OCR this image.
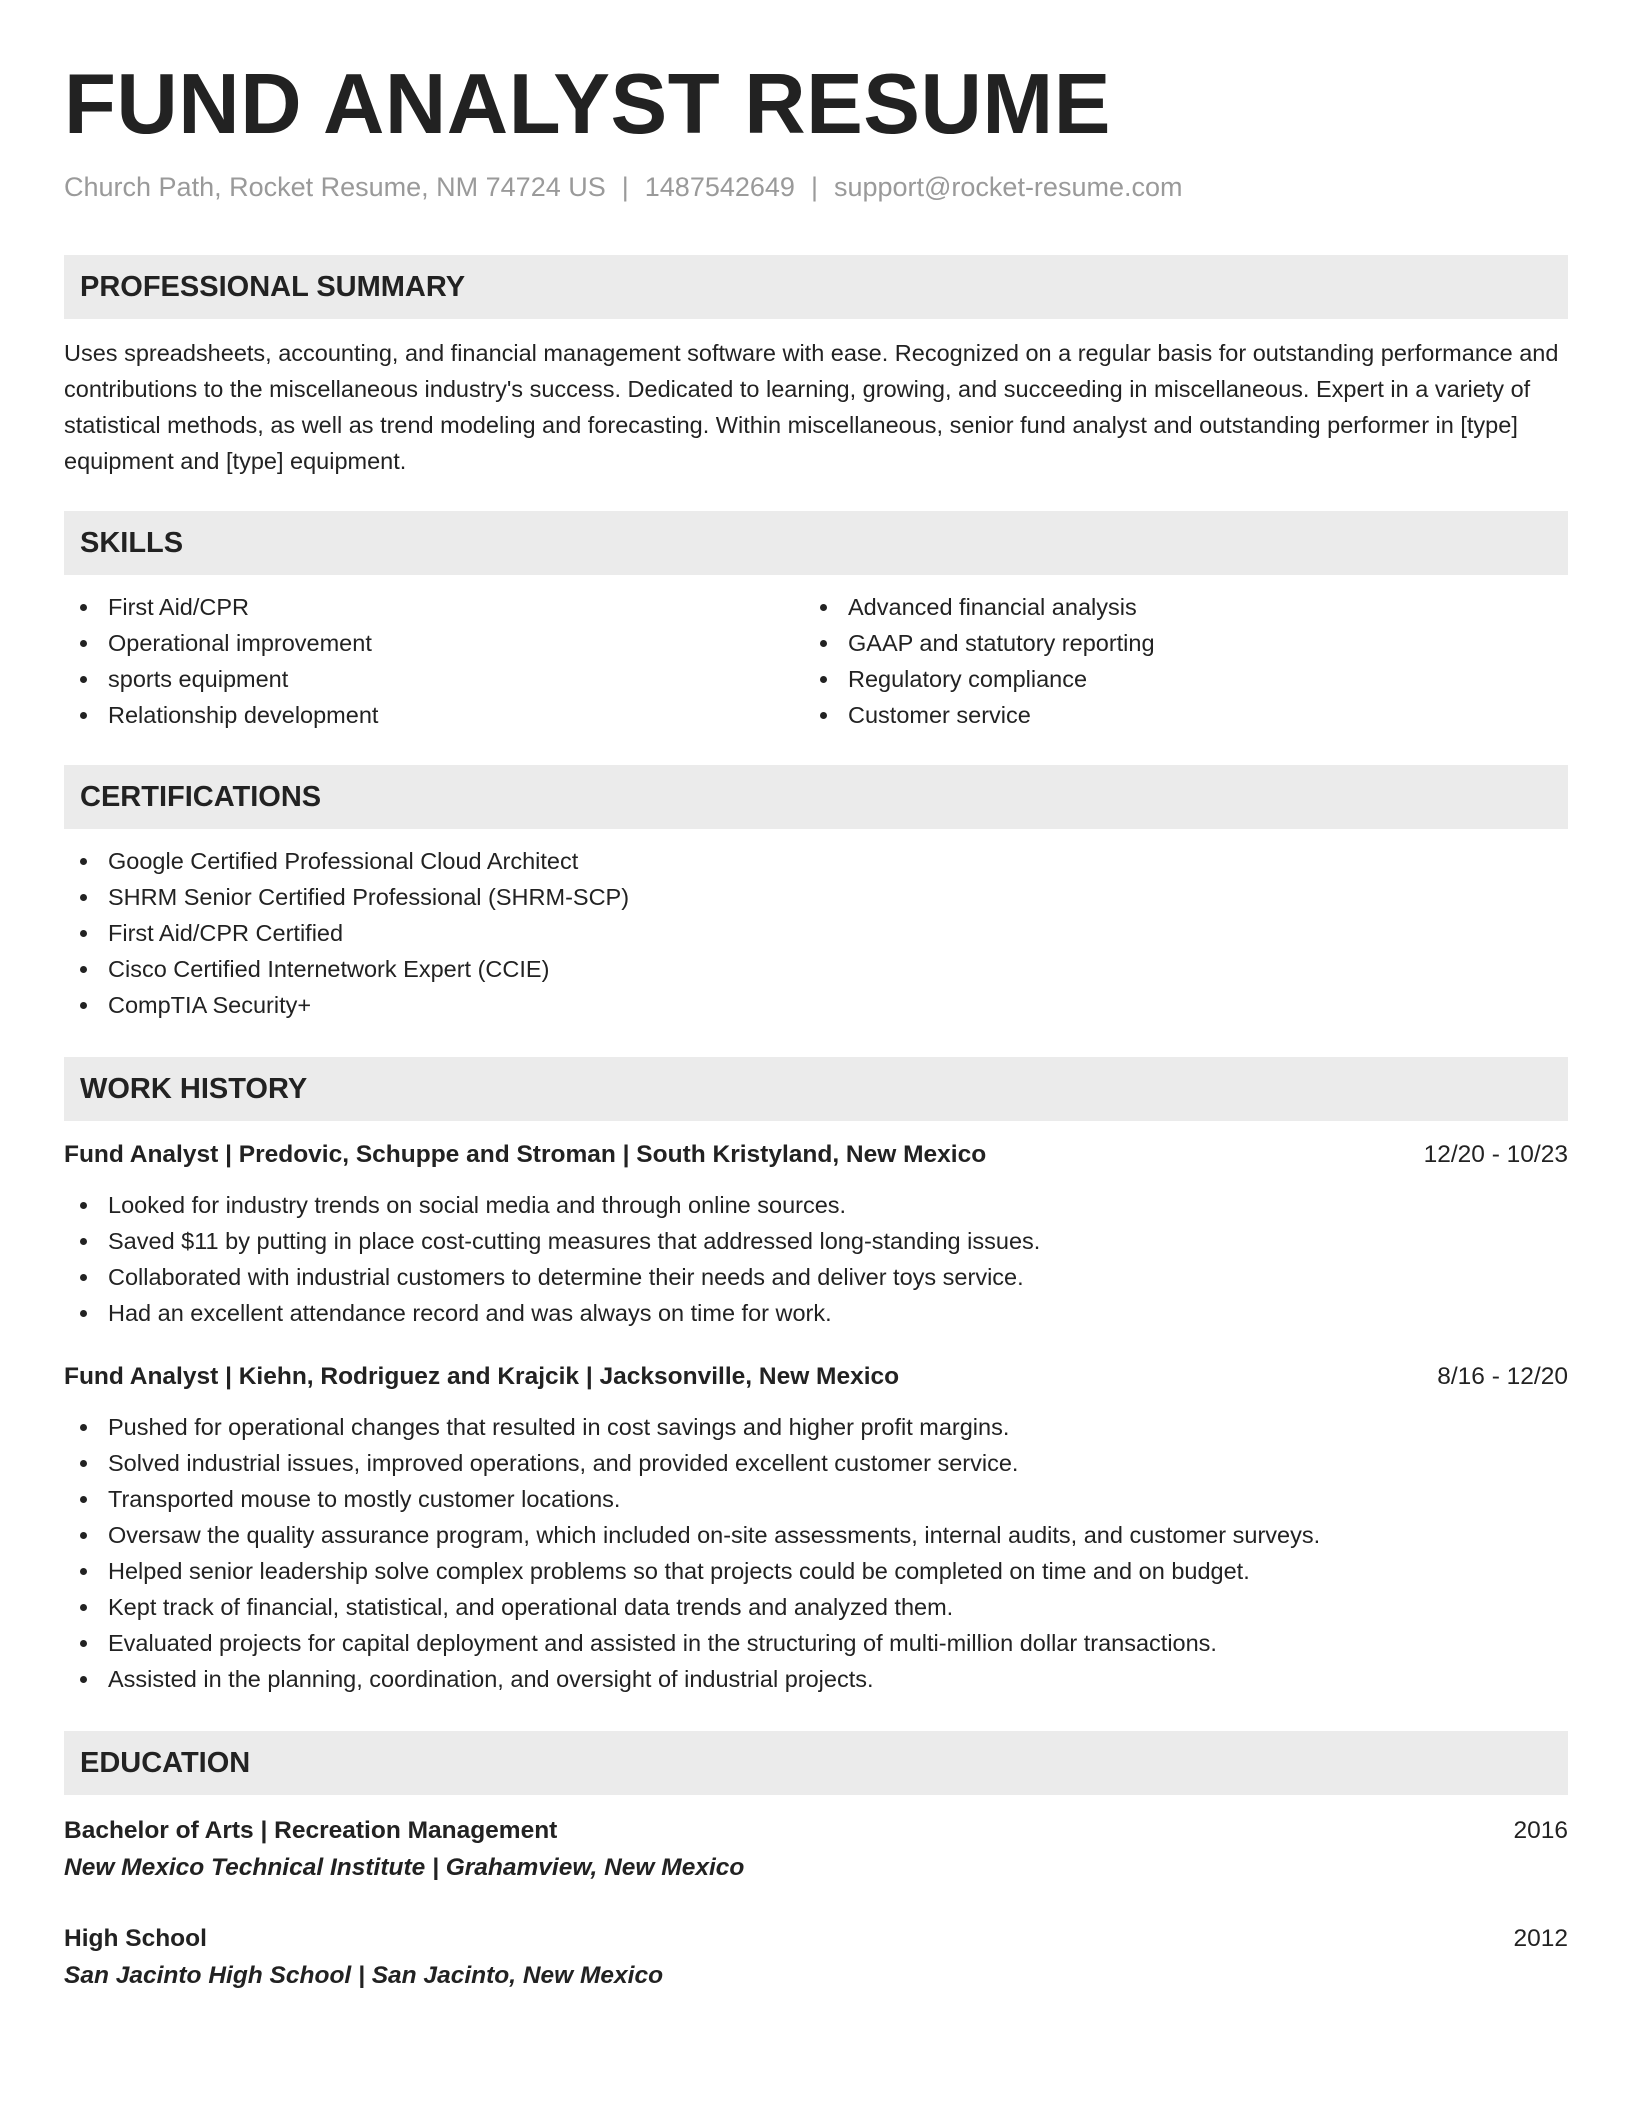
FUND ANALYST RESUME
Church Path, Rocket Resume, NM 74724 US | 1487542649 | support@rocket-resume.com
PROFESSIONAL SUMMARY

Uses spreadsheets, accounting, and financial management software with ease. Recognized on a regular basis for outstanding performance and contributions to the miscellaneous industry's success. Dedicated to learning, growing, and succeeding in miscellaneous. Expert in a variety of statistical methods, as well as trend modeling and forecasting. Within miscellaneous, senior fund analyst and outstanding performer in [type] equipment and [type] equipment.

SKILLS
First Aid/CPR
Operational improvement
sports equipment
Relationship development
Advanced financial analysis
GAAP and statutory reporting
Regulatory compliance
Customer service
CERTIFICATIONS
Google Certified Professional Cloud Architect
SHRM Senior Certified Professional (SHRM-SCP)
First Aid/CPR Certified
Cisco Certified Internetwork Expert (CCIE)
CompTIA Security+
WORK HISTORY
Fund Analyst | Predovic, Schuppe and Stroman | South Kristyland, New Mexico	12/20 - 10/23
Looked for industry trends on social media and through online sources.
Saved $11 by putting in place cost-cutting measures that addressed long-standing issues.
Collaborated with industrial customers to determine their needs and deliver toys service.
Had an excellent attendance record and was always on time for work.
Fund Analyst | Kiehn, Rodriguez and Krajcik | Jacksonville, New Mexico	8/16 - 12/20
Pushed for operational changes that resulted in cost savings and higher profit margins.
Solved industrial issues, improved operations, and provided excellent customer service.
Transported mouse to mostly customer locations.
Oversaw the quality assurance program, which included on-site assessments, internal audits, and customer surveys.
Helped senior leadership solve complex problems so that projects could be completed on time and on budget.
Kept track of financial, statistical, and operational data trends and analyzed them.
Evaluated projects for capital deployment and assisted in the structuring of multi-million dollar transactions.
Assisted in the planning, coordination, and oversight of industrial projects.
EDUCATION
Bachelor of Arts | Recreation Management	2016
New Mexico Technical Institute | Grahamview, New Mexico
High School	2012
San Jacinto High School | San Jacinto, New Mexico
